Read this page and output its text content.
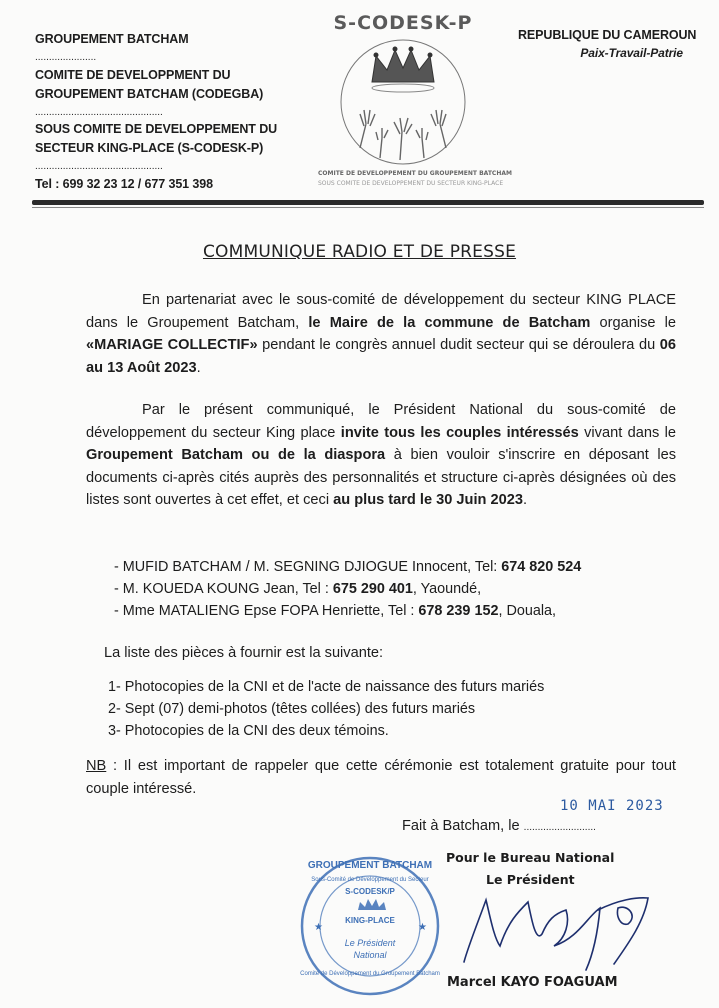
GROUPEMENT BATCHAM
......................
COMITE DE DEVELOPPMENT DU
GROUPEMENT BATCHAM (CODEGBA)
..............................................
SOUS COMITE DE DEVELOPPEMENT DU
SECTEUR KING-PLACE (S-CODESK-P)
..............................................
Tel : 699 32 23 12 / 677 351 398
S-CODESK-P
COMITE DE DEVELOPPEMENT DU GROUPEMENT BATCHAM
SOUS COMITE DE DEVELOPPEMENT DU SECTEUR KING-PLACE
REPUBLIQUE DU CAMEROUN
Paix-Travail-Patrie
COMMUNIQUE RADIO ET DE PRESSE
En partenariat avec le sous-comité de développement du secteur KING PLACE dans le Groupement Batcham, le Maire de la commune de Batcham organise le «MARIAGE COLLECTIF» pendant le congrès annuel dudit secteur qui se déroulera du 06 au 13 Août 2023.
Par le présent communiqué, le Président National du sous-comité de développement du secteur King place invite tous les couples intéressés vivant dans le Groupement Batcham ou de la diaspora à bien vouloir s'inscrire en déposant les documents ci-après cités auprès des personnalités et structure ci-après désignées où des listes sont ouvertes à cet effet, et ceci au plus tard le 30 Juin 2023.
- MUFID BATCHAM / M. SEGNING DJIOGUE Innocent, Tel: 674 820 524
- M. KOUEDA KOUNG Jean, Tel : 675 290 401, Yaoundé,
- Mme MATALIENG Epse FOPA Henriette, Tel : 678 239 152, Douala,
La liste des pièces à fournir est la suivante:
1- Photocopies de la CNI et de l'acte de naissance des futurs mariés
2- Sept (07) demi-photos (têtes collées) des futurs mariés
3- Photocopies de la CNI des deux témoins.
NB : Il est important de rappeler que cette cérémonie est totalement gratuite pour tout couple intéressé.
10 MAI 2023
Fait à Batcham, le ..........................
Pour le Bureau National
Le Président
Marcel KAYO FOAGUAM
★	★
GROUPEMENT BATCHAM
Sous-Comité de Développement du Secteur
S-CODESK/P
KING-PLACE
Le Président
National
Comite de Développement du Groupement Batcham
